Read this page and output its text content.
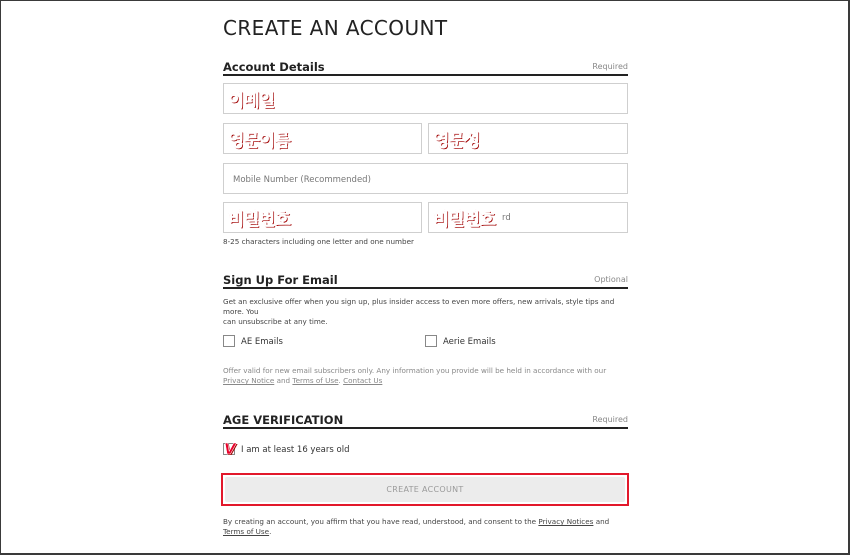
CREATE AN ACCOUNT
Account Details	Required
이메일
영문이름	영문성
Mobile Number (Recommended)
비밀번호	비밀번호 rd
8-25 characters including one letter and one number
Sign Up For Email	Optional
Get an exclusive offer when you sign up, plus insider access to even more offers, new arrivals, style tips and more. You
can unsubscribe at any time.
AE Emails	Aerie Emails
Offer valid for new email subscribers only. Any information you provide will be held in accordance with our
Privacy Notice and Terms of Use. Contact Us
AGE VERIFICATION	Required
V I am at least 16 years old
CREATE ACCOUNT
By creating an account, you affirm that you have read, understood, and consent to the Privacy Notices and
Terms of Use.
